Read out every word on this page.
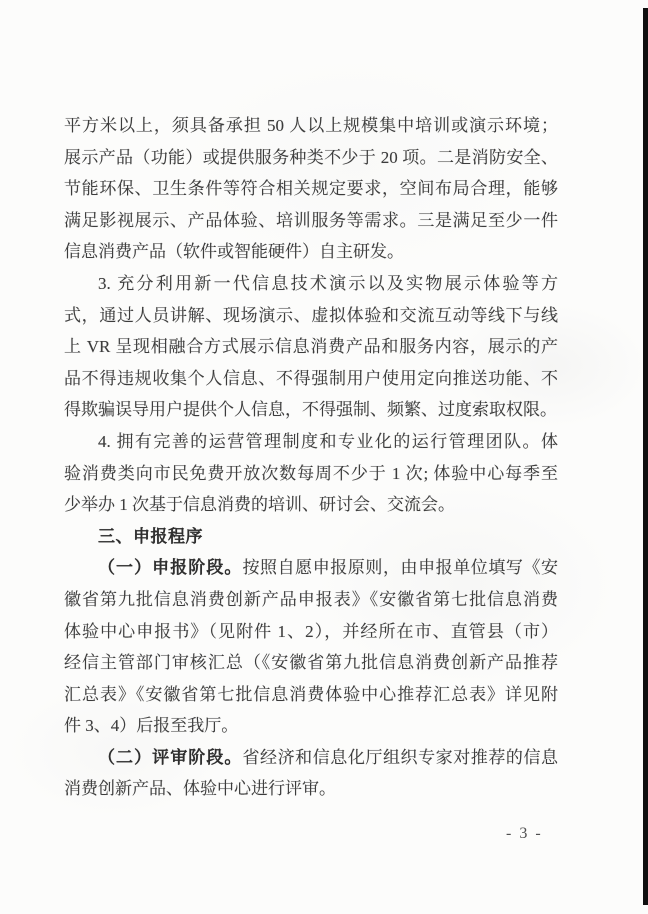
平方米以上，须具备承担 50 人以上规模集中培训或演示环境；
展示产品（功能）或提供服务种类不少于 20 项。二是消防安全、
节能环保、卫生条件等符合相关规定要求，空间布局合理，能够
满足影视展示、产品体验、培训服务等需求。三是满足至少一件
信息消费产品（软件或智能硬件）自主研发。
3. 充分利用新一代信息技术演示以及实物展示体验等方
式，通过人员讲解、现场演示、虚拟体验和交流互动等线下与线
上 VR 呈现相融合方式展示信息消费产品和服务内容，展示的产
品不得违规收集个人信息、不得强制用户使用定向推送功能、不
得欺骗误导用户提供个人信息，不得强制、频繁、过度索取权限。
4. 拥有完善的运营管理制度和专业化的运行管理团队。体
验消费类向市民免费开放次数每周不少于 1 次; 体验中心每季至
少举办 1 次基于信息消费的培训、研讨会、交流会。
三、申报程序
（一）申报阶段。按照自愿申报原则，由申报单位填写《安
徽省第九批信息消费创新产品申报表》《安徽省第七批信息消费
体验中心申报书》（见附件 1、2），并经所在市、直管县（市）
经信主管部门审核汇总（《安徽省第九批信息消费创新产品推荐
汇总表》《安徽省第七批信息消费体验中心推荐汇总表》详见附
件 3、4）后报至我厅。
（二）评审阶段。省经济和信息化厅组织专家对推荐的信息
消费创新产品、体验中心进行评审。
- 3 -
